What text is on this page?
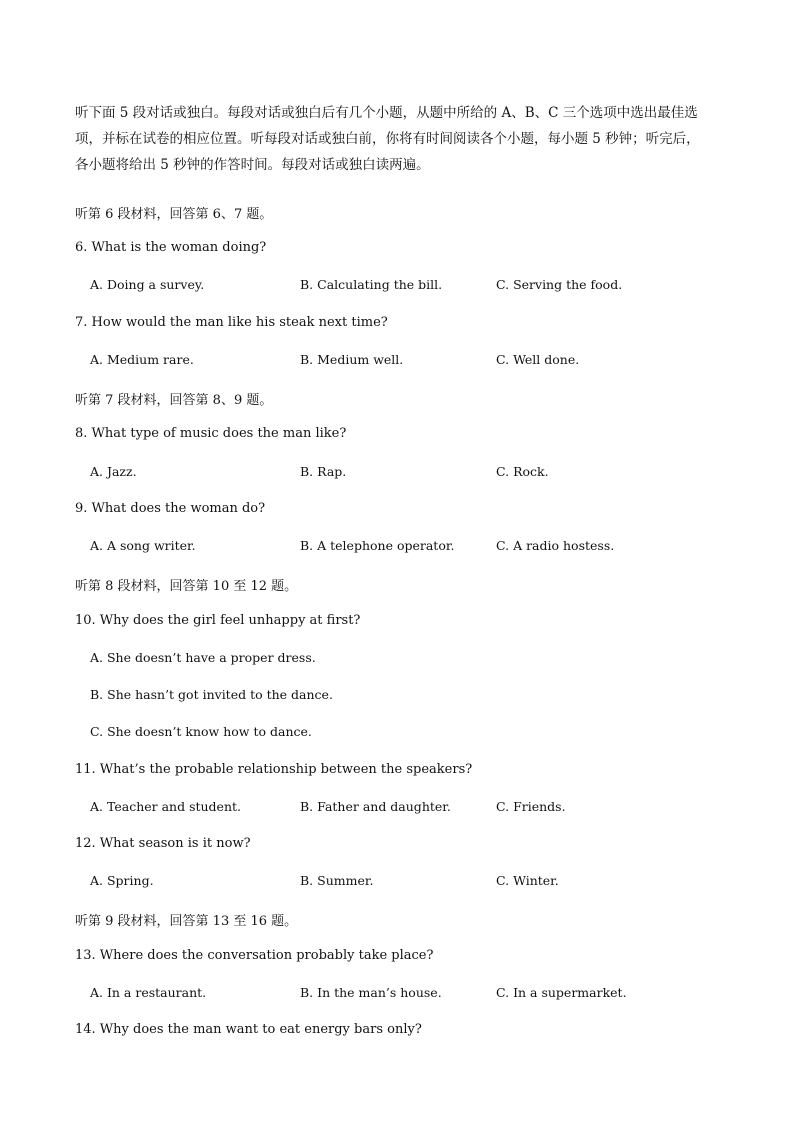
听下面 5 段对话或独白。每段对话或独白后有几个小题，从题中所给的 A、B、C 三个选项中选出最佳选
项，并标在试卷的相应位置。听每段对话或独白前，你将有时间阅读各个小题，每小题 5 秒钟；听完后，
各小题将给出 5 秒钟的作答时间。每段对话或独白读两遍。
听第 6 段材料，回答第 6、7 题。
6. What is the woman doing?
A. Doing a survey.	B. Calculating the bill.	C. Serving the food.
7. How would the man like his steak next time?
A. Medium rare.	B. Medium well.	C. Well done.
听第 7 段材料，回答第 8、9 题。
8. What type of music does the man like?
A. Jazz.	B. Rap.	C. Rock.
9. What does the woman do?
A. A song writer.	B. A telephone operator.	C. A radio hostess.
听第 8 段材料，回答第 10 至 12 题。
10. Why does the girl feel unhappy at first?
A. She doesn’t have a proper dress.
B. She hasn’t got invited to the dance.
C. She doesn’t know how to dance.
11. What’s the probable relationship between the speakers?
A. Teacher and student.	B. Father and daughter.	C. Friends.
12. What season is it now?
A. Spring.	B. Summer.	C. Winter.
听第 9 段材料，回答第 13 至 16 题。
13. Where does the conversation probably take place?
A. In a restaurant.	B. In the man’s house.	C. In a supermarket.
14. Why does the man want to eat energy bars only?
